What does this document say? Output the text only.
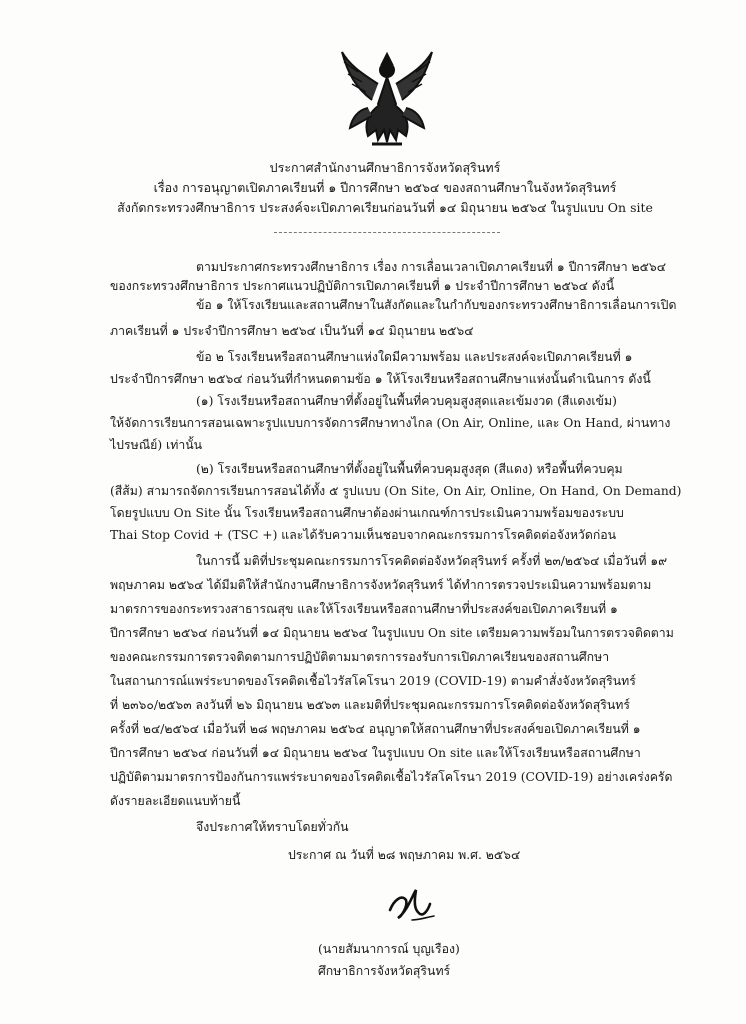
ประกาศสำนักงานศึกษาธิการจังหวัดสุรินทร์
เรื่อง การอนุญาตเปิดภาคเรียนที่ ๑ ปีการศึกษา ๒๕๖๔ ของสถานศึกษาในจังหวัดสุรินทร์
สังกัดกระทรวงศึกษาธิการ ประสงค์จะเปิดภาคเรียนก่อนวันที่ ๑๔ มิถุนายน ๒๕๖๔ ในรูปแบบ On site
ตามประกาศกระทรวงศึกษาธิการ เรื่อง การเลื่อนเวลาเปิดภาคเรียนที่ ๑ ปีการศึกษา ๒๕๖๔
ของกระทรวงศึกษาธิการ ประกาศแนวปฏิบัติการเปิดภาคเรียนที่ ๑ ประจำปีการศึกษา ๒๕๖๔ ดังนี้
ข้อ ๑ ให้โรงเรียนและสถานศึกษาในสังกัดและในกำกับของกระทรวงศึกษาธิการเลื่อนการเปิด
ภาคเรียนที่ ๑ ประจำปีการศึกษา ๒๕๖๔ เป็นวันที่ ๑๔ มิถุนายน ๒๕๖๔
ข้อ ๒ โรงเรียนหรือสถานศึกษาแห่งใดมีความพร้อม และประสงค์จะเปิดภาคเรียนที่ ๑
ประจำปีการศึกษา ๒๕๖๔ ก่อนวันที่กำหนดตามข้อ ๑ ให้โรงเรียนหรือสถานศึกษาแห่งนั้นดำเนินการ ดังนี้
(๑) โรงเรียนหรือสถานศึกษาที่ตั้งอยู่ในพื้นที่ควบคุมสูงสุดและเข้มงวด (สีแดงเข้ม)
ให้จัดการเรียนการสอนเฉพาะรูปแบบการจัดการศึกษาทางไกล (On Air, Online, และ On Hand, ผ่านทาง
ไปรษณีย์) เท่านั้น
(๒) โรงเรียนหรือสถานศึกษาที่ตั้งอยู่ในพื้นที่ควบคุมสูงสุด (สีแดง) หรือพื้นที่ควบคุม
(สีส้ม) สามารถจัดการเรียนการสอนได้ทั้ง ๕ รูปแบบ (On Site, On Air, Online, On Hand, On Demand)
โดยรูปแบบ On Site นั้น โรงเรียนหรือสถานศึกษาต้องผ่านเกณฑ์การประเมินความพร้อมของระบบ
Thai Stop Covid + (TSC +) และได้รับความเห็นชอบจากคณะกรรมการโรคติดต่อจังหวัดก่อน
ในการนี้ มติที่ประชุมคณะกรรมการโรคติดต่อจังหวัดสุรินทร์ ครั้งที่ ๒๓/๒๕๖๔ เมื่อวันที่ ๑๙
พฤษภาคม ๒๕๖๔ ได้มีมติให้สำนักงานศึกษาธิการจังหวัดสุรินทร์ ได้ทำการตรวจประเมินความพร้อมตาม
มาตรการของกระทรวงสาธารณสุข และให้โรงเรียนหรือสถานศึกษาที่ประสงค์ขอเปิดภาคเรียนที่ ๑
ปีการศึกษา ๒๕๖๔ ก่อนวันที่ ๑๔ มิถุนายน ๒๕๖๔ ในรูปแบบ On site เตรียมความพร้อมในการตรวจติดตาม
ของคณะกรรมการตรวจติดตามการปฏิบัติตามมาตรการรองรับการเปิดภาคเรียนของสถานศึกษา
ในสถานการณ์แพร่ระบาดของโรคติดเชื้อไวรัสโคโรนา 2019 (COVID-19) ตามคำสั่งจังหวัดสุรินทร์
ที่ ๒๓๖๐/๒๕๖๓ ลงวันที่ ๒๖ มิถุนายน ๒๕๖๓ และมติที่ประชุมคณะกรรมการโรคติดต่อจังหวัดสุรินทร์
ครั้งที่ ๒๔/๒๕๖๔ เมื่อวันที่ ๒๘ พฤษภาคม ๒๕๖๔ อนุญาตให้สถานศึกษาที่ประสงค์ขอเปิดภาคเรียนที่ ๑
ปีการศึกษา ๒๕๖๔ ก่อนวันที่ ๑๔ มิถุนายน ๒๕๖๔ ในรูปแบบ On site และให้โรงเรียนหรือสถานศึกษา
ปฏิบัติตามมาตรการป้องกันการแพร่ระบาดของโรคติดเชื้อไวรัสโคโรนา 2019 (COVID-19) อย่างเคร่งครัด
ดังรายละเอียดแนบท้ายนี้
จึงประกาศให้ทราบโดยทั่วกัน
ประกาศ ณ วันที่ ๒๘ พฤษภาคม พ.ศ. ๒๕๖๔
(นายสัมนาการณ์ บุญเรือง)
ศึกษาธิการจังหวัดสุรินทร์
